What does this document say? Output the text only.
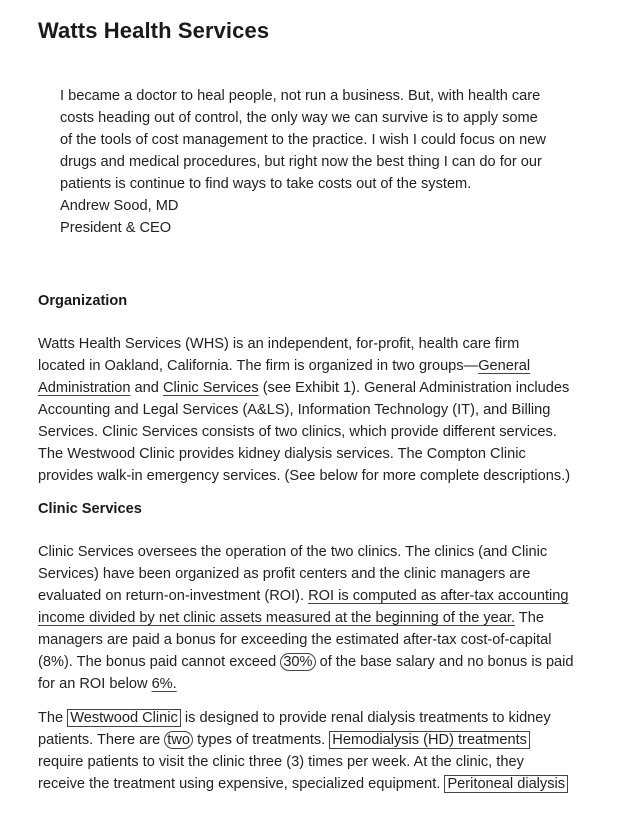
Watts Health Services

I became a doctor to heal people, not run a business. But, with health care
costs heading out of control, the only way we can survive is to apply some
of the tools of cost management to the practice. I wish I could focus on new
drugs and medical procedures, but right now the best thing I can do for our
patients is continue to find ways to take costs out of the system.

Andrew Sood, MD
President & CEO

Organization

Watts Health Services (WHS) is an independent, for-profit, health care firm
located in Oakland, California. The firm is organized in two groups—General
Administration and Clinic Services (see Exhibit 1). General Administration includes
Accounting and Legal Services (A&LS), Information Technology (IT), and Billing
Services. Clinic Services consists of two clinics, which provide different services.
The Westwood Clinic provides kidney dialysis services. The Compton Clinic
provides walk-in emergency services. (See below for more complete descriptions.)

Clinic Services

Clinic Services oversees the operation of the two clinics. The clinics (and Clinic
Services) have been organized as profit centers and the clinic managers are
evaluated on return-on-investment (ROI). ROI is computed as after-tax accounting
income divided by net clinic assets measured at the beginning of the year. The
managers are paid a bonus for exceeding the estimated after-tax cost-of-capital
(8%). The bonus paid cannot exceed 30% of the base salary and no bonus is paid
for an ROI below 6%.

The Westwood Clinic is designed to provide renal dialysis treatments to kidney
patients. There are two types of treatments. Hemodialysis (HD) treatments
require patients to visit the clinic three (3) times per week. At the clinic, they
receive the treatment using expensive, specialized equipment. Peritoneal dialysis
